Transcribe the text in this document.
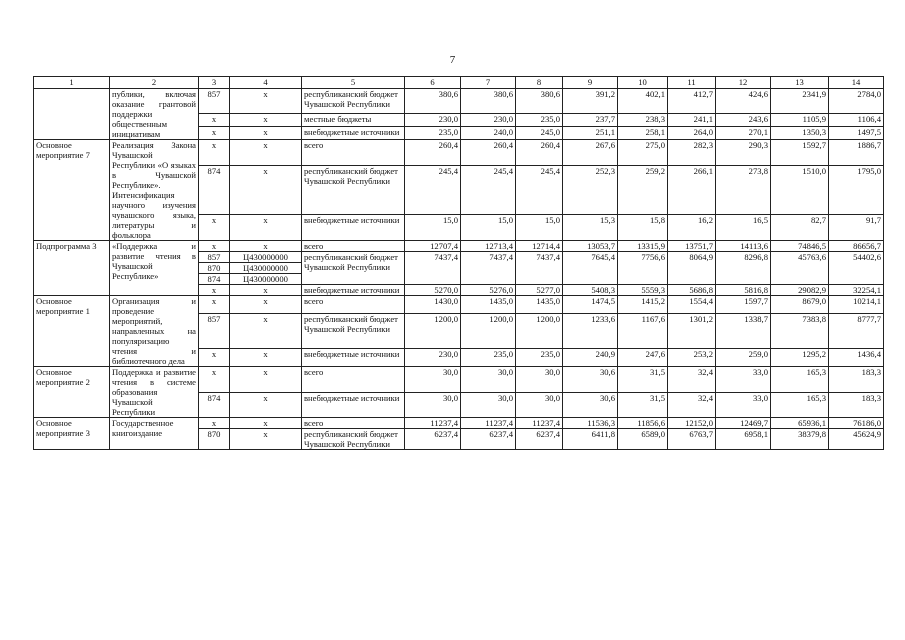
7
1	2	3	4	5	6	7	8	9	10	11	12	13	14
	публики, включая оказание грантовой поддержки общественным инициативам	857	x	республиканский бюджет Чувашской Республики	380,6	380,6	380,6	391,2	402,1	412,7	424,6	2341,9	2784,0
		x	x	местные бюджеты	230,0	230,0	235,0	237,7	238,3	241,1	243,6	1105,9	1106,4
		x	x	внебюджетные источники	235,0	240,0	245,0	251,1	258,1	264,0	270,1	1350,3	1497,5
Основное мероприятие 7	Реализация Закона Чувашской Республики «О языках в Чувашской Республике». Интенсификация научного изучения чувашского языка, литературы и фольклора	x	x	всего	260,4	260,4	260,4	267,6	275,0	282,3	290,3	1592,7	1886,7
		874	x	республиканский бюджет Чувашской Республики	245,4	245,4	245,4	252,3	259,2	266,1	273,8	1510,0	1795,0
		x	x	внебюджетные источники	15,0	15,0	15,0	15,3	15,8	16,2	16,5	82,7	91,7
Подпрограмма 3	«Поддержка и развитие чтения в Чувашской Республике»	x	x	всего	12707,4	12713,4	12714,4	13053,7	13315,9	13751,7	14113,6	74846,5	86656,7
		857	Ц430000000	республиканский бюджет Чувашской Республики	7437,4	7437,4	7437,4	7645,4	7756,6	8064,9	8296,8	45763,6	54402,6
		870	Ц430000000										
		874	Ц430000000										
		x	x	внебюджетные источники	5270,0	5276,0	5277,0	5408,3	5559,3	5686,8	5816,8	29082,9	32254,1
Основное мероприятие 1	Организация и проведение мероприятий, направленных на популяризацию чтения и библиотечного дела	x	x	всего	1430,0	1435,0	1435,0	1474,5	1415,2	1554,4	1597,7	8679,0	10214,1
		857	x	республиканский бюджет Чувашской Республики	1200,0	1200,0	1200,0	1233,6	1167,6	1301,2	1338,7	7383,8	8777,7
		x	x	внебюджетные источники	230,0	235,0	235,0	240,9	247,6	253,2	259,0	1295,2	1436,4
Основное мероприятие 2	Поддержка и развитие чтения в системе образования Чувашской Республики	x	x	всего	30,0	30,0	30,0	30,6	31,5	32,4	33,0	165,3	183,3
		874	x	внебюджетные источники	30,0	30,0	30,0	30,6	31,5	32,4	33,0	165,3	183,3
Основное мероприятие 3	Государственное книгоиздание	x	x	всего	11237,4	11237,4	11237,4	11536,3	11856,6	12152,0	12469,7	65936,1	76186,0
		870	x	республиканский бюджет Чувашской Республики	6237,4	6237,4	6237,4	6411,8	6589,0	6763,7	6958,1	38379,8	45624,9
